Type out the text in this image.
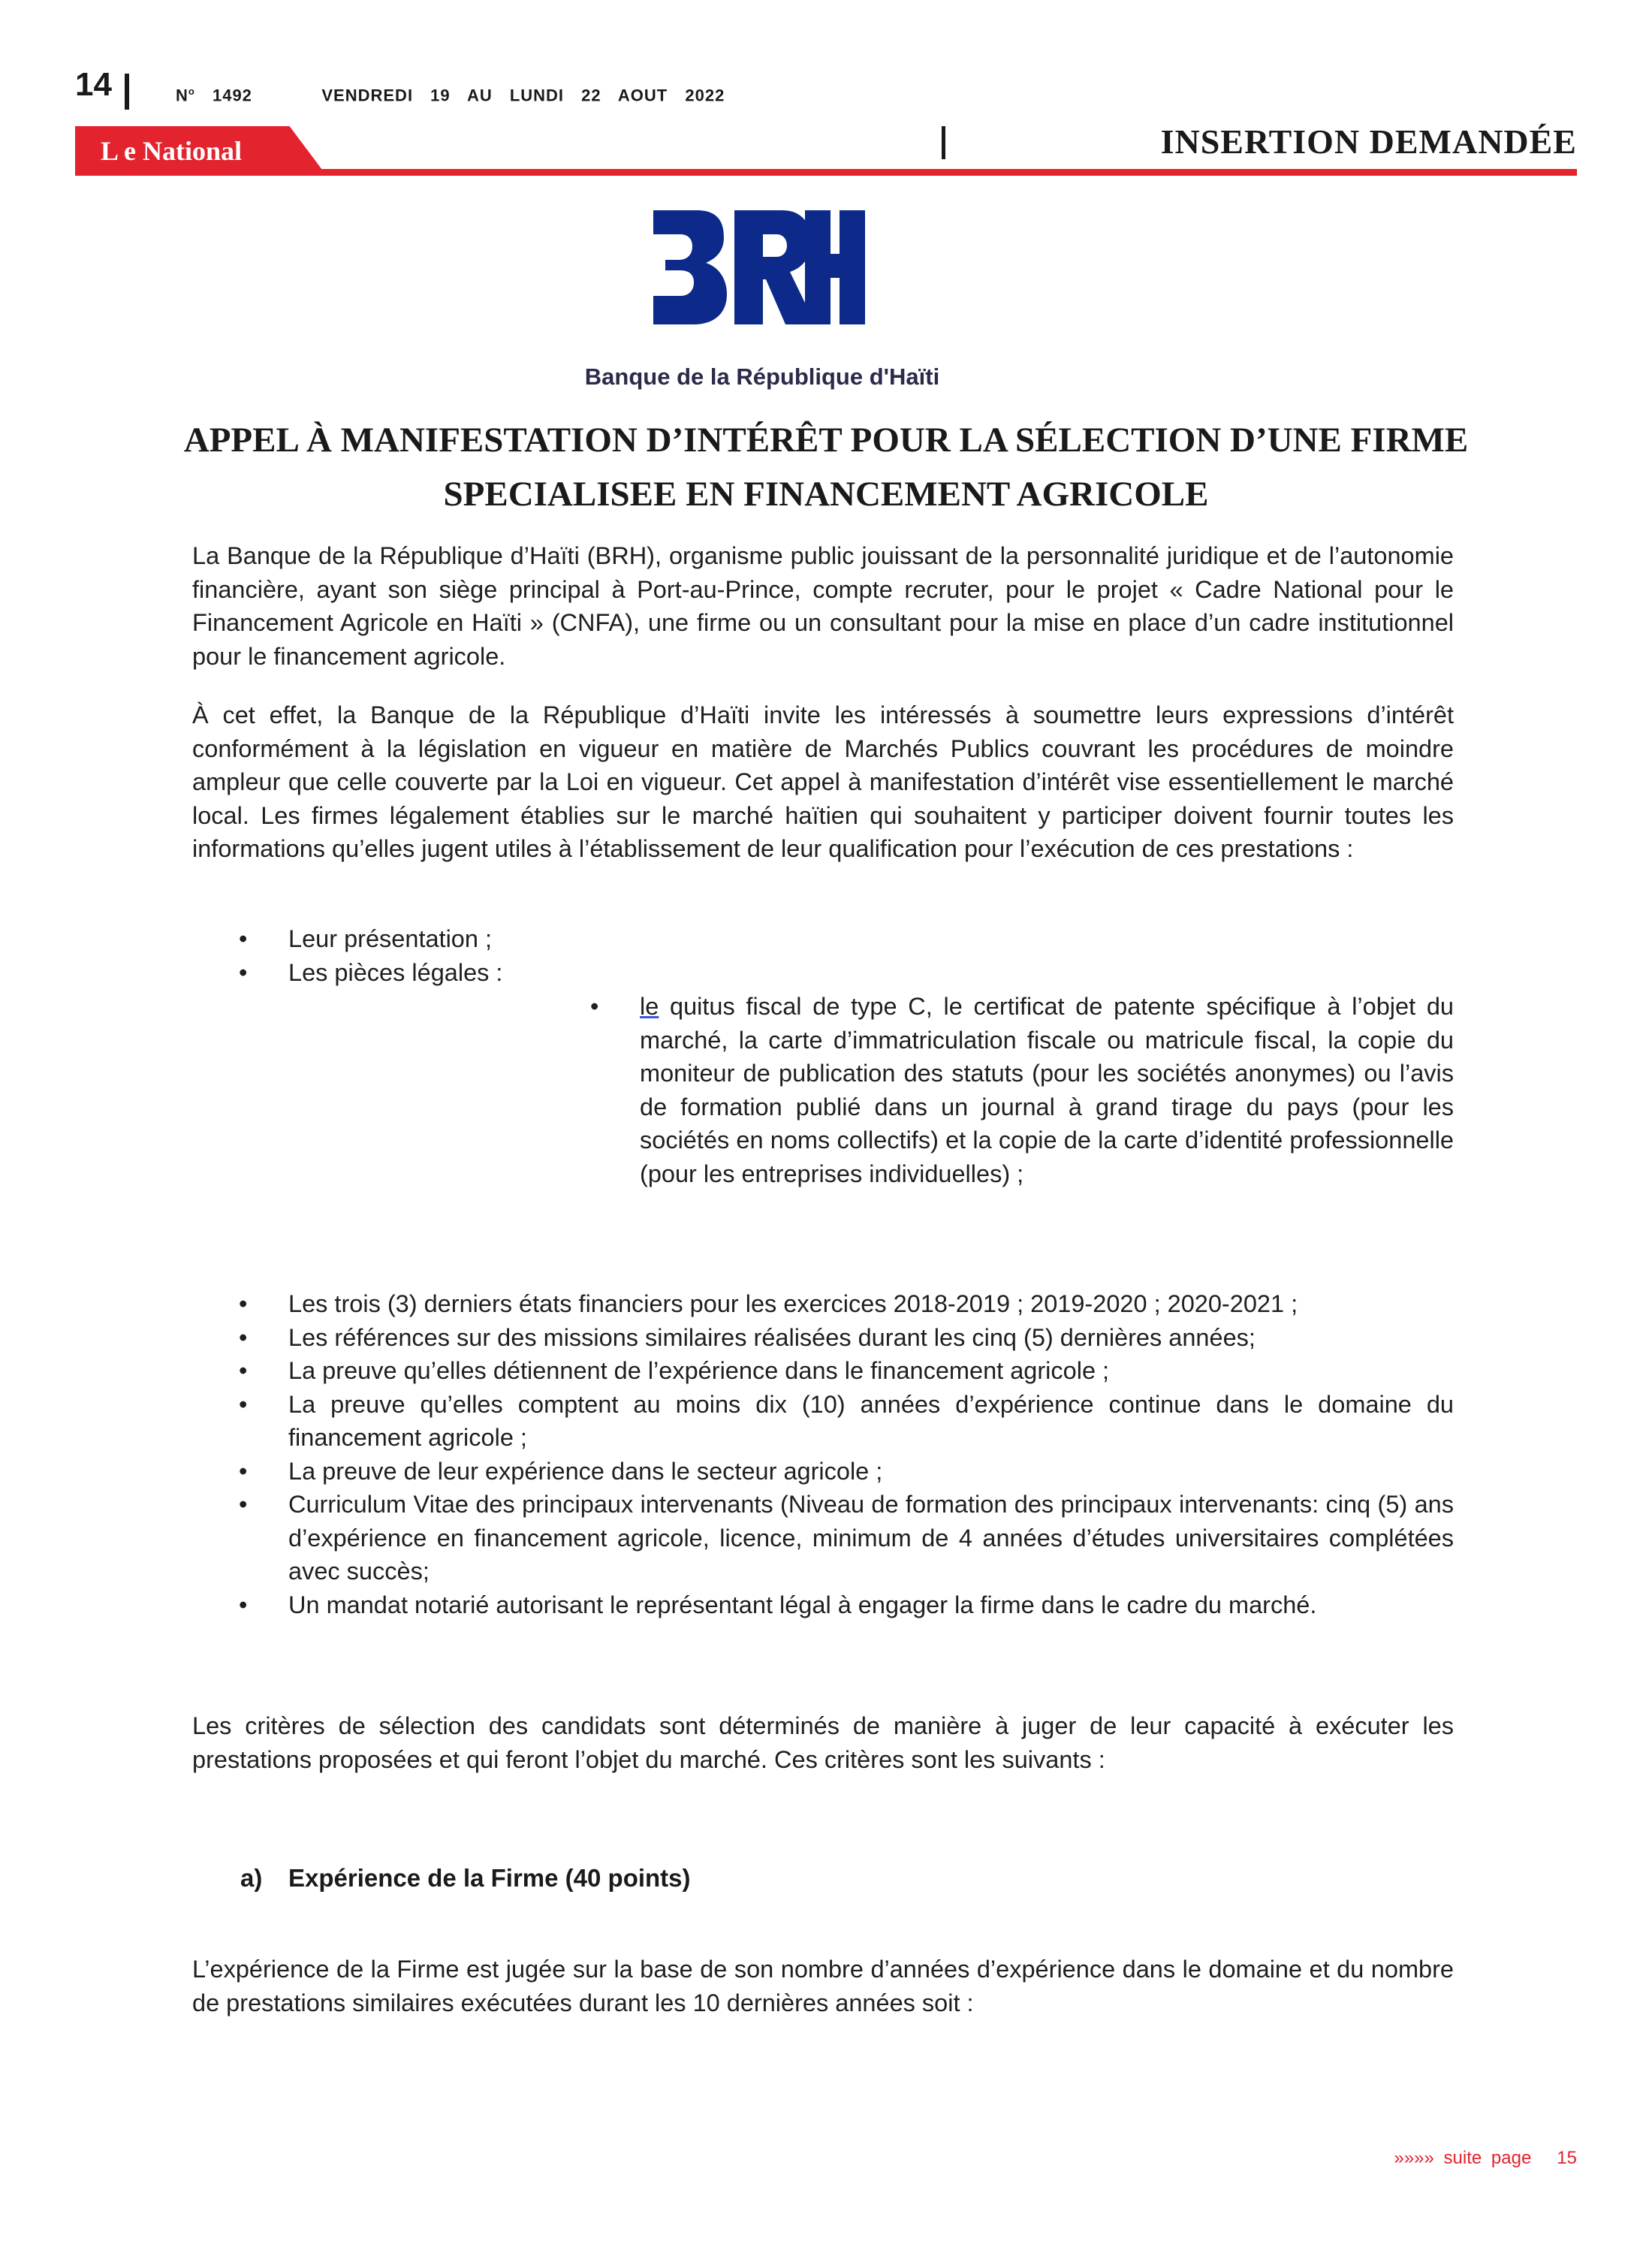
14	$N^o$ 1492	VENDREDI 19 AU LUNDI 22 AOUT 2022
L e National	INSERTION DEMANDÉE
Banque de la République d'Haïti
APPEL À MANIFESTATION D’INTÉRÊT POUR LA SÉLECTION D’UNE FIRME
SPECIALISEE EN FINANCEMENT AGRICOLE
La Banque de la République d’Haïti (BRH), organisme public jouissant de la personnalité juridique et de l’autonomie financière, ayant son siège principal à Port-au-Prince, compte recruter, pour le projet « Cadre National pour le Financement Agricole en Haïti » (CNFA), une firme ou un consultant pour la mise en place d’un cadre institutionnel pour le financement agricole.
À cet effet, la Banque de la République d’Haïti invite les intéressés à soumettre leurs expressions d’intérêt conformément à la législation en vigueur en matière de Marchés Publics couvrant les procédures de moindre ampleur que celle couverte par la Loi en vigueur. Cet appel à manifestation d’intérêt vise essentiellement le marché local. Les firmes légalement établies sur le marché haïtien qui souhaitent y participer doivent fournir toutes les informations qu’elles jugent utiles à l’établissement de leur qualification pour l’exécution de ces prestations :
• Leur présentation ;
• Les pièces légales :
• le quitus fiscal de type C, le certificat de patente spécifique à l’objet du marché, la carte d’immatriculation fiscale ou matricule fiscal, la copie du moniteur de publication des statuts (pour les sociétés anonymes) ou l’avis de formation publié dans un journal à grand tirage du pays (pour les sociétés en noms collectifs) et la copie de la carte d’identité professionnelle (pour les entreprises individuelles) ;
• Les trois (3) derniers états financiers pour les exercices 2018-2019 ; 2019-2020 ; 2020-2021 ;
• Les références sur des missions similaires réalisées durant les cinq (5) dernières années;
• La preuve qu’elles détiennent de l’expérience dans le financement agricole ;
• La preuve qu’elles comptent au moins dix (10) années d’expérience continue dans le domaine du financement agricole ;
• La preuve de leur expérience dans le secteur agricole ;
• Curriculum Vitae des principaux intervenants (Niveau de formation des principaux intervenants: cinq (5) ans d’expérience en financement agricole, licence, minimum de 4 années d’études universitaires complétées avec succès;
• Un mandat notarié autorisant le représentant légal à engager la firme dans le cadre du marché.
Les critères de sélection des candidats sont déterminés de manière à juger de leur capacité à exécuter les prestations proposées et qui feront l’objet du marché. Ces critères sont les suivants :
a) Expérience de la Firme (40 points)
L’expérience de la Firme est jugée sur la base de son nombre d’années d’expérience dans le domaine et du nombre de prestations similaires exécutées durant les 10 dernières années soit :
»»»» suite page 15
